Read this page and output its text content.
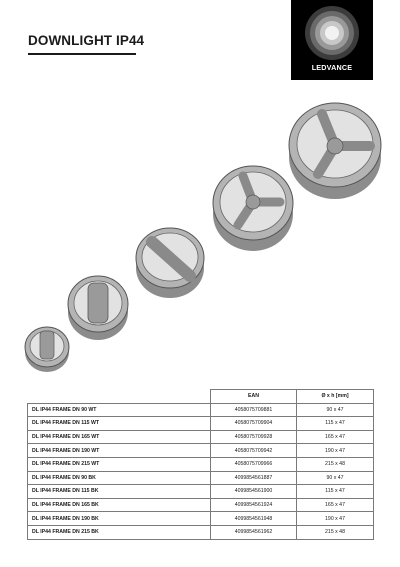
DOWNLIGHT IP44
LEDVANCE
	EAN	Ø x h [mm]
DL IP44 FRAME DN 90 WT	4058075709881	90 x 47
DL IP44 FRAME DN 115 WT	4058075709904	115 x 47
DL IP44 FRAME DN 165 WT	4058075709928	165 x 47
DL IP44 FRAME DN 190 WT	4058075709942	190 x 47
DL IP44 FRAME DN 215 WT	4058075709966	215 x 48
DL IP44 FRAME DN 90 BK	4099854561887	90 x 47
DL IP44 FRAME DN 115 BK	4099854561900	115 x 47
DL IP44 FRAME DN 165 BK	4099854561924	165 x 47
DL IP44 FRAME DN 190 BK	4099854561948	190 x 47
DL IP44 FRAME DN 215 BK	4099854561962	215 x 48
